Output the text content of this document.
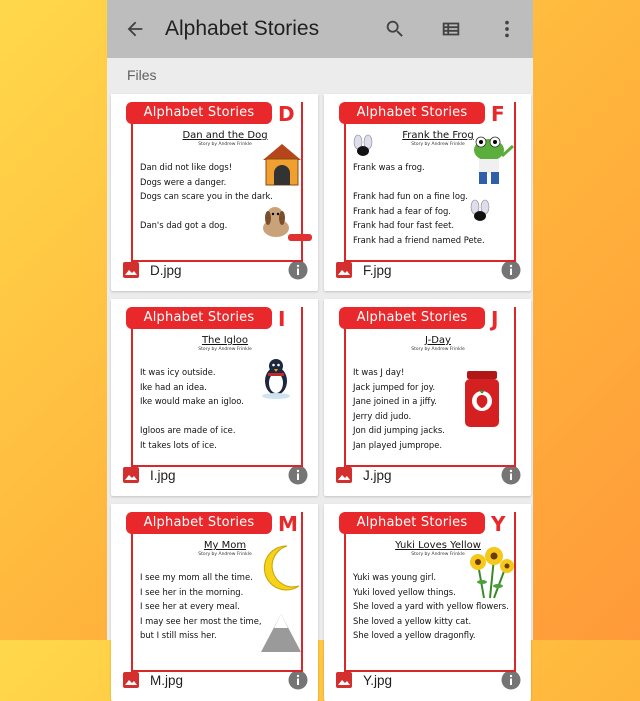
Alphabet Stories
Files
Alphabet Stories	D
Dan and the Dog
Story by Andrew Frinkle
Dan did not like dogs!
Dogs were a danger.
Dogs can scare you in the dark.
Dan's dad got a dog.
D.jpg
Alphabet Stories	F
Frank the Frog
Story by Andrew Frinkle
Frank was a frog.
Frank had fun on a fine log.
Frank had a fear of fog.
Frank had four fast feet.
Frank had a friend named Pete.
F.jpg
Alphabet Stories	I
The Igloo
Story by Andrew Frinkle
It was icy outside.
Ike had an idea.
Ike would make an igloo.
Igloos are made of ice.
It takes lots of ice.
I.jpg
Alphabet Stories	J
J-Day
Story by Andrew Frinkle
It was J day!
Jack jumped for joy.
Jane joined in a jiffy.
Jerry did judo.
Jon did jumping jacks.
Jan played jumprope.
J.jpg
Alphabet Stories	M
My Mom
Story by Andrew Frinkle
I see my mom all the time.
I see her in the morning.
I see her at every meal.
I may see her most the time,
but I still miss her.
M.jpg
Alphabet Stories	Y
Yuki Loves Yellow
Story by Andrew Frinkle
Yuki was young girl.
Yuki loved yellow things.
She loved a yard with yellow flowers.
She loved a yellow kitty cat.
She loved a yellow dragonfly.
Y.jpg
